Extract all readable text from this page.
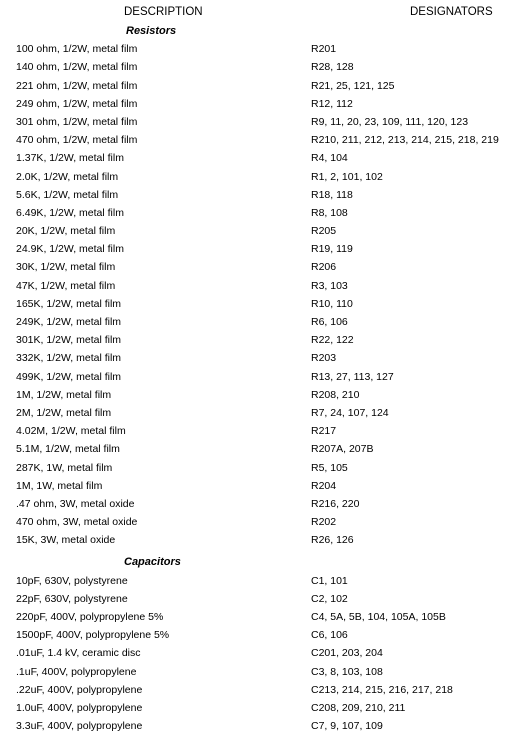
DESCRIPTION	DESIGNATORS
Resistors
100 ohm, 1/2W, metal film	R201
140 ohm, 1/2W, metal film	R28, 128
221 ohm, 1/2W, metal film	R21, 25, 121, 125
249 ohm, 1/2W, metal film	R12, 112
301 ohm, 1/2W, metal film	R9, 11, 20, 23, 109, 111, 120, 123
470 ohm, 1/2W, metal film	R210, 211, 212, 213, 214, 215, 218, 219
1.37K, 1/2W, metal film	R4, 104
2.0K, 1/2W, metal film	R1, 2, 101, 102
5.6K, 1/2W, metal film	R18, 118
6.49K, 1/2W, metal film	R8, 108
20K, 1/2W, metal film	R205
24.9K, 1/2W, metal film	R19, 119
30K, 1/2W, metal film	R206
47K, 1/2W, metal film	R3, 103
165K, 1/2W, metal film	R10, 110
249K, 1/2W, metal film	R6, 106
301K, 1/2W, metal film	R22, 122
332K, 1/2W, metal film	R203
499K, 1/2W, metal film	R13, 27, 113, 127
1M, 1/2W, metal film	R208, 210
2M, 1/2W, metal film	R7, 24, 107, 124
4.02M, 1/2W, metal film	R217
5.1M, 1/2W, metal film	R207A, 207B
287K, 1W, metal film	R5, 105
1M, 1W, metal film	R204
.47 ohm, 3W, metal oxide	R216, 220
470 ohm, 3W, metal oxide	R202
15K, 3W, metal oxide	R26, 126
Capacitors
10pF, 630V, polystyrene	C1, 101
22pF, 630V, polystyrene	C2, 102
220pF, 400V, polypropylene 5%	C4, 5A, 5B, 104, 105A, 105B
1500pF, 400V, polypropylene 5%	C6, 106
.01uF, 1.4 kV, ceramic disc	C201, 203, 204
.1uF, 400V, polypropylene	C3, 8, 103, 108
.22uF, 400V, polypropylene	C213, 214, 215, 216, 217, 218
1.0uF, 400V, polypropylene	C208, 209, 210, 211
3.3uF, 400V, polypropylene	C7, 9, 107, 109
